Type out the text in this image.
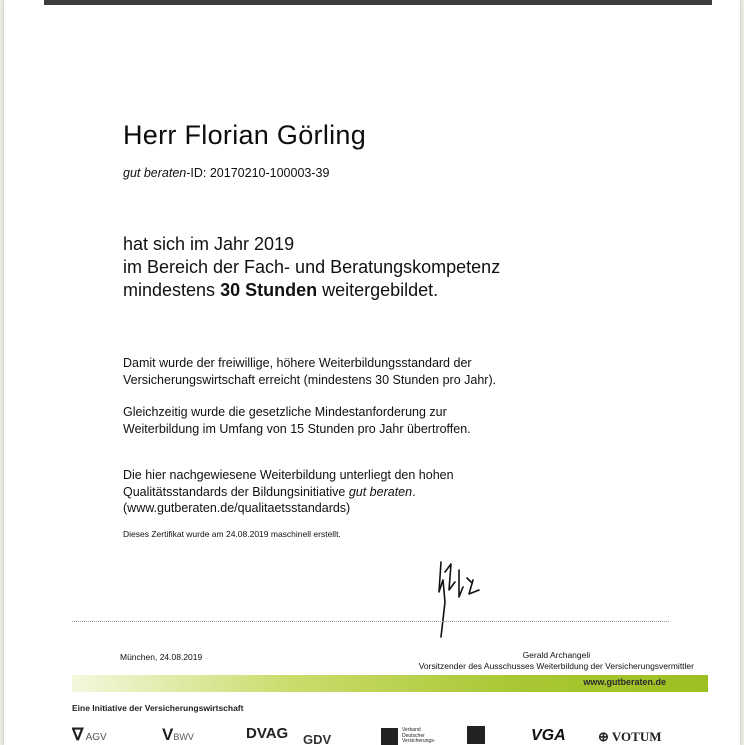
Herr Florian Görling
gut beraten-ID: 20170210-100003-39
hat sich im Jahr 2019
im Bereich der Fach- und Beratungskompetenz
mindestens 30 Stunden weitergebildet.
Damit wurde der freiwillige, höhere Weiterbildungsstandard der
Versicherungswirtschaft erreicht (mindestens 30 Stunden pro Jahr).
Gleichzeitig wurde die gesetzliche Mindestanforderung zur
Weiterbildung im Umfang von 15 Stunden pro Jahr übertroffen.
Die hier nachgewiesene Weiterbildung unterliegt den hohen
Qualitätsstandards der Bildungsinitiative gut beraten.
(www.gutberaten.de/qualitaetsstandards)
Dieses Zertifikat wurde am 24.08.2019 maschinell erstellt.
München, 24.08.2019	Gerald Archangeli
Vorsitzender des Ausschusses Weiterbildung der Versicherungsvermittler
www.gutberaten.de
Eine Initiative der Versicherungswirtschaft
∇ AGV	VBWV	DVAG GDV
Verband
Deutscher
Versicherungs-	VGA ⊕ VOTUM
